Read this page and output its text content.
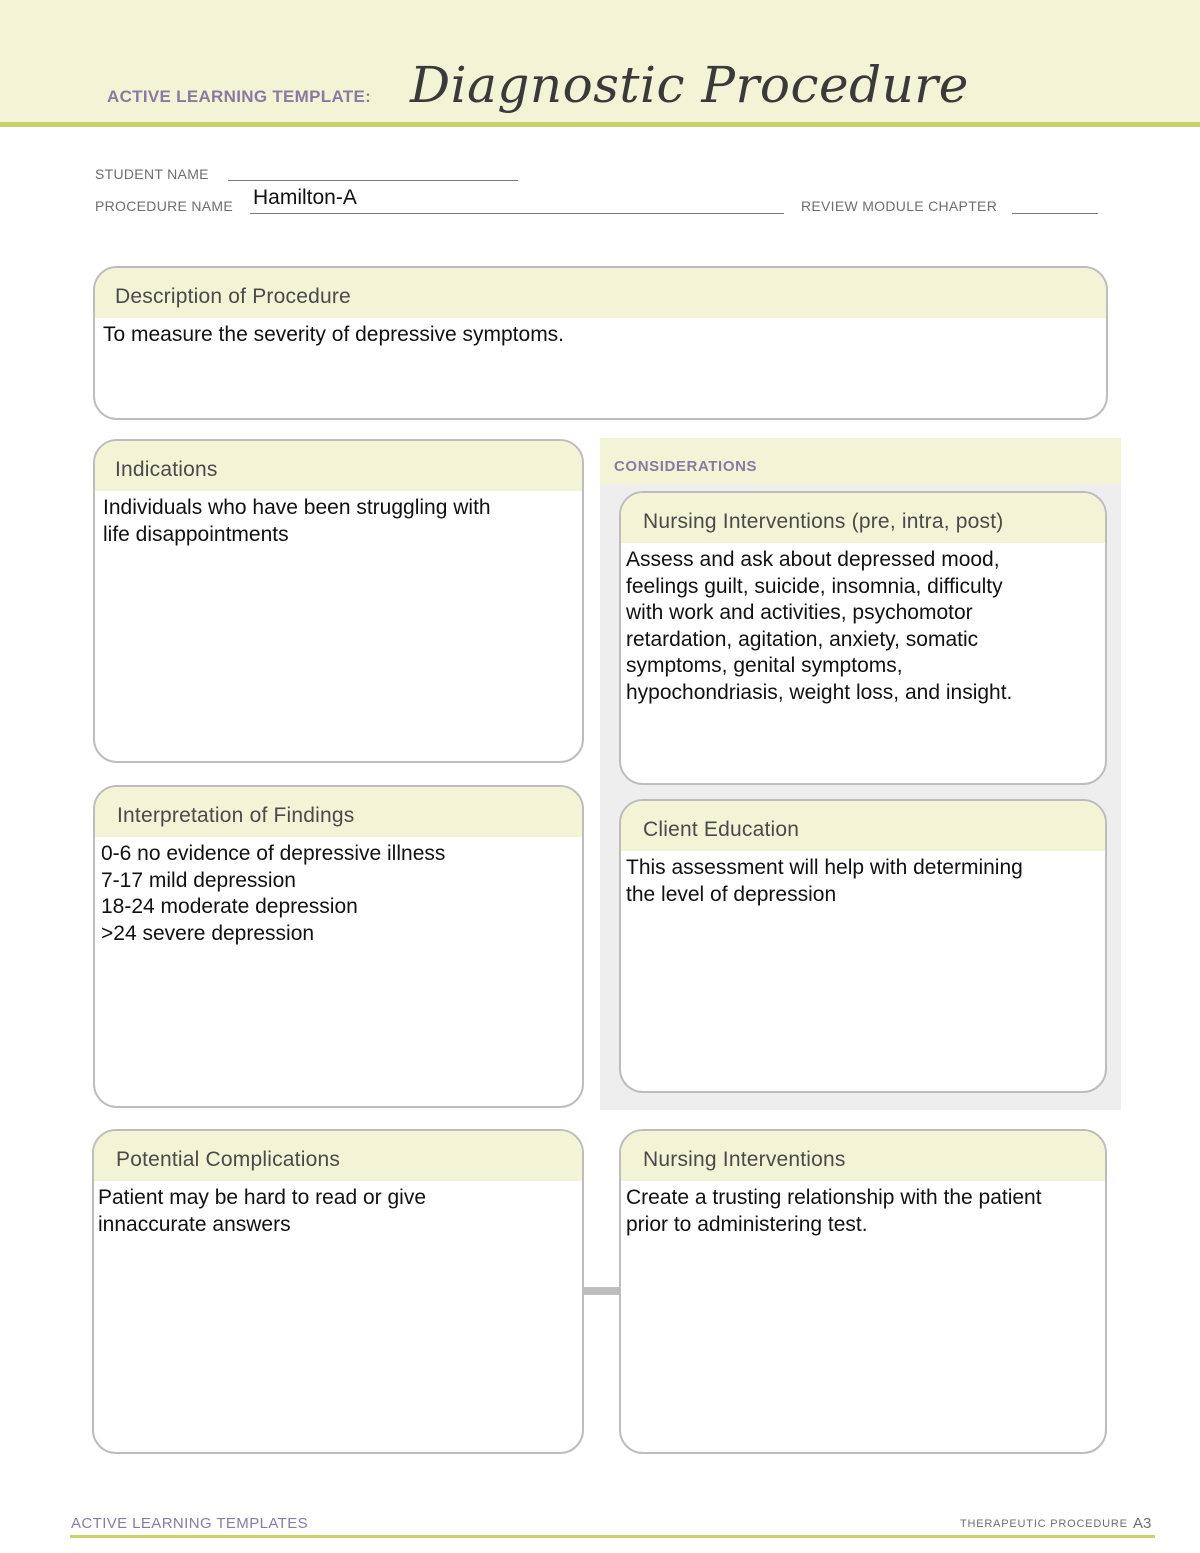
ACTIVE LEARNING TEMPLATE: Diagnostic Procedure
STUDENT NAME
PROCEDURE NAME Hamilton-A	REVIEW MODULE CHAPTER
Description of Procedure
To measure the severity of depressive symptoms.
CONSIDERATIONS
Indications
Individuals who have been struggling with
life disappointments
Nursing Interventions (pre, intra, post)
Assess and ask about depressed mood,
feelings guilt, suicide, insomnia, difficulty
with work and activities, psychomotor
retardation, agitation, anxiety, somatic
symptoms, genital symptoms,
hypochondriasis, weight loss, and insight.
Interpretation of Findings
0-6 no evidence of depressive illness
7-17 mild depression
18-24 moderate depression
>24 severe depression
Client Education
This assessment will help with determining
the level of depression
Potential Complications
Patient may be hard to read or give
innaccurate answers
Nursing Interventions
Create a trusting relationship with the patient
prior to administering test.
ACTIVE LEARNING TEMPLATES	THERAPEUTIC PROCEDURE A3
